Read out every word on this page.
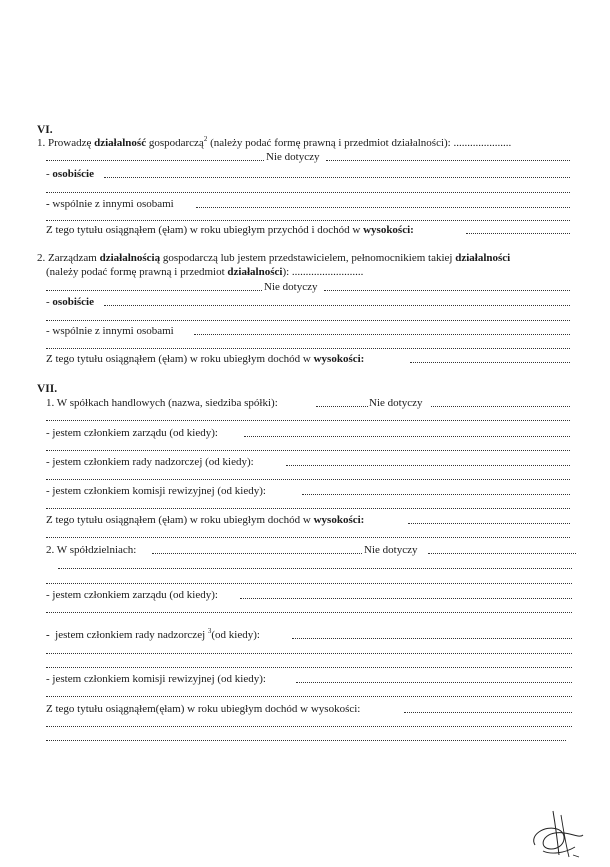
VI.
1. Prowadzę działalność gospodarczą$^2$ (należy podać formę prawną i przedmiot działalności): .....................
Nie dotyczy
- osobiście
- wspólnie z innymi osobami
Z tego tytułu osiągnąłem (ęłam) w roku ubiegłym przychód i dochód w wysokości:
2. Zarządzam działalnością gospodarczą lub jestem przedstawicielem, pełnomocnikiem takiej działalności
(należy podać formę prawną i przedmiot działalności): ..........................
Nie dotyczy
- osobiście
- wspólnie z innymi osobami
Z tego tytułu osiągnąłem (ęłam) w roku ubiegłym dochód w wysokości:
VII.
1. W spółkach handlowych (nazwa, siedziba spółki):	Nie dotyczy
- jestem członkiem zarządu (od kiedy):
- jestem członkiem rady nadzorczej (od kiedy):
- jestem członkiem komisji rewizyjnej (od kiedy):
Z tego tytułu osiągnąłem (ęłam) w roku ubiegłym dochód w wysokości:
2. W spółdzielniach:	Nie dotyczy
- jestem członkiem zarządu (od kiedy):
- jestem członkiem rady nadzorczej $^3$(od kiedy):
- jestem członkiem komisji rewizyjnej (od kiedy):
Z tego tytułu osiągnąłem(ęłam) w roku ubiegłym dochód w wysokości:
